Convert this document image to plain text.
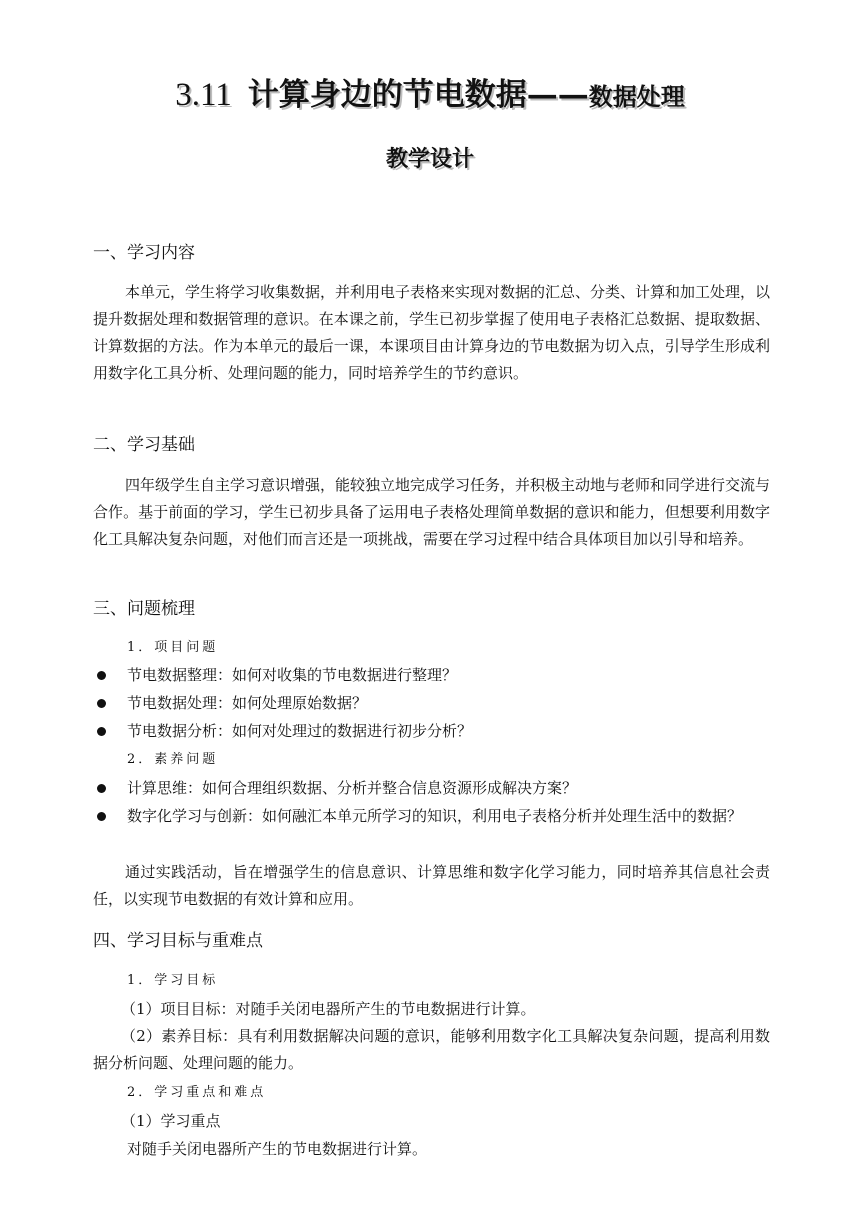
3.11 计算身边的节电数据——数据处理
教学设计
一、学习内容

本单元，学生将学习收集数据，并利用电子表格来实现对数据的汇总、分类、计算和加工处理，以提升数据处理和数据管理的意识。在本课之前，学生已初步掌握了使用电子表格汇总数据、提取数据、计算数据的方法。作为本单元的最后一课，本课项目由计算身边的节电数据为切入点，引导学生形成利用数字化工具分析、处理问题的能力，同时培养学生的节约意识。

二、学习基础

四年级学生自主学习意识增强，能较独立地完成学习任务，并积极主动地与老师和同学进行交流与合作。基于前面的学习，学生已初步具备了运用电子表格处理简单数据的意识和能力，但想要利用数字化工具解决复杂问题，对他们而言还是一项挑战，需要在学习过程中结合具体项目加以引导和培养。

三、问题梳理
1．项目问题
节电数据整理：如何对收集的节电数据进行整理？
节电数据处理：如何处理原始数据？
节电数据分析：如何对处理过的数据进行初步分析？
2．素养问题
计算思维：如何合理组织数据、分析并整合信息资源形成解决方案？
数字化学习与创新：如何融汇本单元所学习的知识，利用电子表格分析并处理生活中的数据？

通过实践活动，旨在增强学生的信息意识、计算思维和数字化学习能力，同时培养其信息社会责任，以实现节电数据的有效计算和应用。

四、学习目标与重难点
1．学习目标
（1）项目目标：对随手关闭电器所产生的节电数据进行计算。

（2）素养目标：具有利用数据解决问题的意识，能够利用数字化工具解决复杂问题，提高利用数据分析问题、处理问题的能力。

2．学习重点和难点
（1）学习重点
对随手关闭电器所产生的节电数据进行计算。
